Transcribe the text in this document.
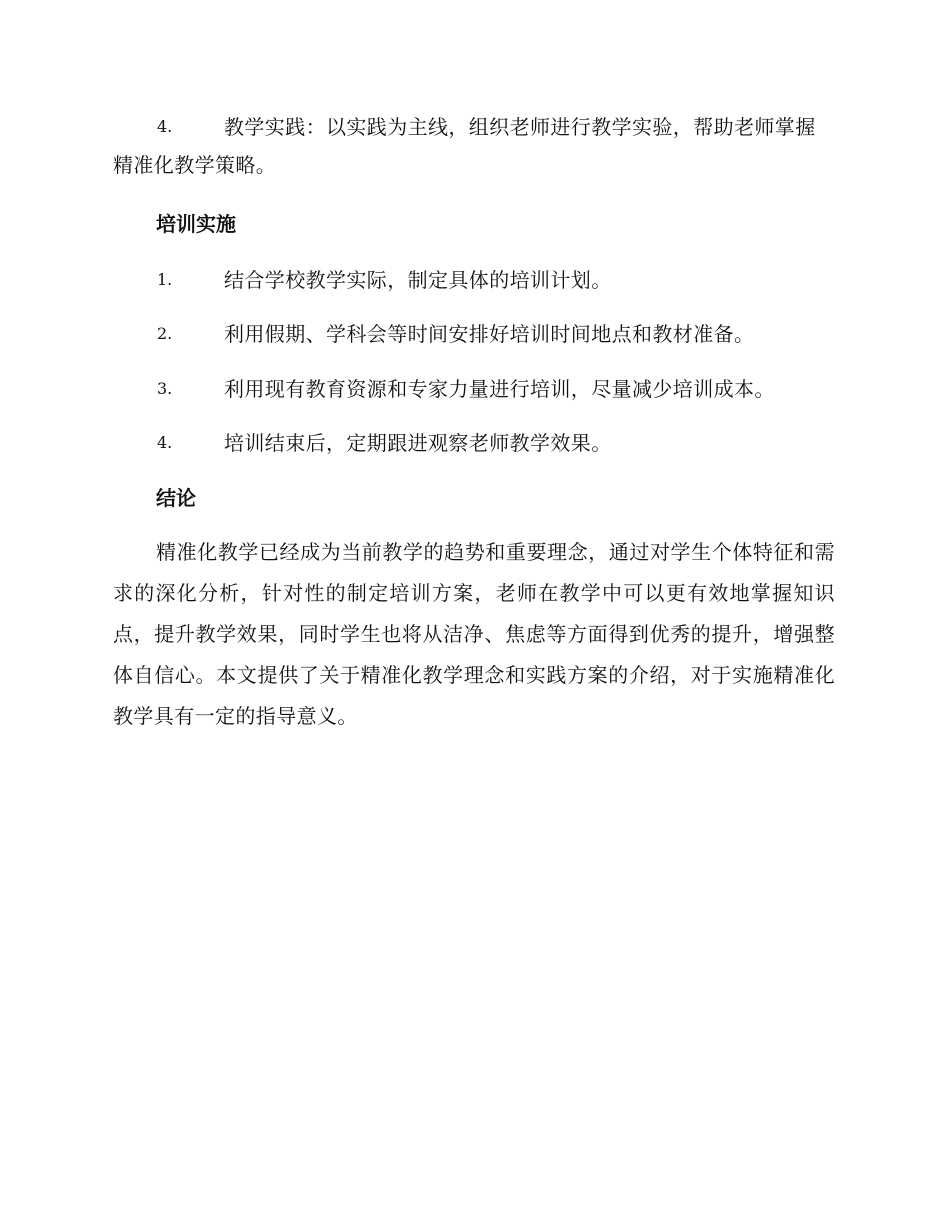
4.	教学实践：以实践为主线，组织老师进行教学实验，帮助老师掌握精准化教学策略。
培训实施
1.	结合学校教学实际，制定具体的培训计划。
2.	利用假期、学科会等时间安排好培训时间地点和教材准备。
3.	利用现有教育资源和专家力量进行培训，尽量减少培训成本。
4.	培训结束后，定期跟进观察老师教学效果。
结论

精准化教学已经成为当前教学的趋势和重要理念，通过对学生个体特征和需求的深化分析，针对性的制定培训方案，老师在教学中可以更有效地掌握知识点，提升教学效果，同时学生也将从洁净、焦虑等方面得到优秀的提升，增强整体自信心。本文提供了关于精准化教学理念和实践方案的介绍，对于实施精准化教学具有一定的指导意义。
